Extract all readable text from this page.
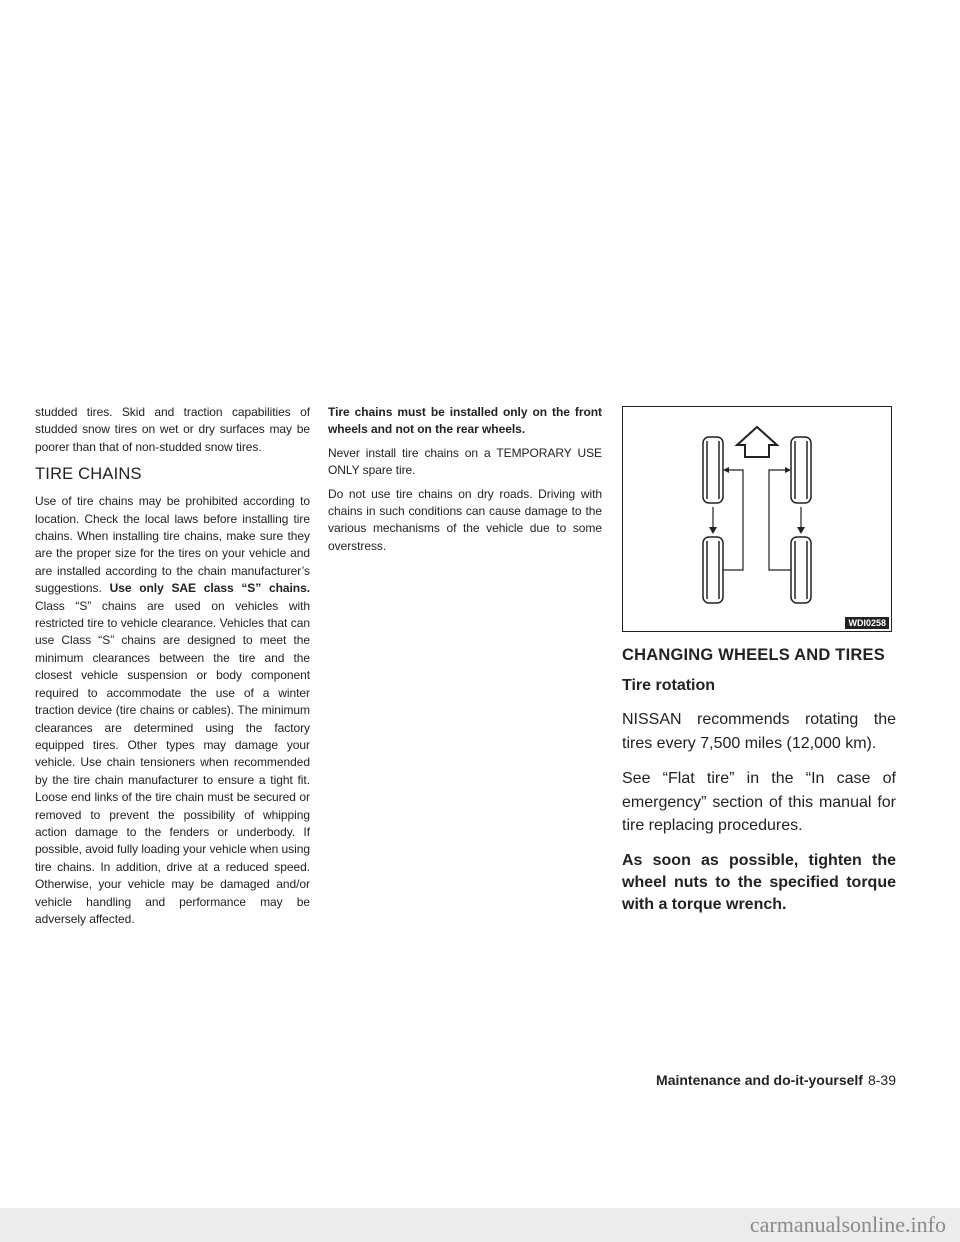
studded tires. Skid and traction capabilities of studded snow tires on wet or dry surfaces may be poorer than that of non-studded snow tires.

TIRE CHAINS

Use of tire chains may be prohibited according to location. Check the local laws before installing tire chains. When installing tire chains, make sure they are the proper size for the tires on your vehicle and are installed according to the chain manufacturer’s suggestions. Use only SAE class “S” chains. Class “S” chains are used on vehicles with restricted tire to vehicle clearance. Vehicles that can use Class “S” chains are designed to meet the minimum clearances between the tire and the closest vehicle suspension or body component required to accommodate the use of a winter traction device (tire chains or cables). The minimum clearances are determined using the factory equipped tires. Other types may damage your vehicle. Use chain tensioners when recommended by the tire chain manufacturer to ensure a tight fit. Loose end links of the tire chain must be secured or removed to prevent the possibility of whipping action damage to the fenders or underbody. If possible, avoid fully loading your vehicle when using tire chains. In addition, drive at a reduced speed. Otherwise, your vehicle may be damaged and/or vehicle handling and performance may be adversely affected.

Tire chains must be installed only on the front wheels and not on the rear wheels.

Never install tire chains on a TEMPORARY USE ONLY spare tire.

Do not use tire chains on dry roads. Driving with chains in such conditions can cause damage to the various mechanisms of the vehicle due to some overstress.

WDI0258
CHANGING WHEELS AND TIRES
Tire rotation

NISSAN recommends rotating the tires every 7,500 miles (12,000 km).

See “Flat tire” in the “In case of emergency” section of this manual for tire replacing procedures.

As soon as possible, tighten the wheel nuts to the specified torque with a torque wrench.

Maintenance and do-it-yourself 8-39
carmanualsonline.info
